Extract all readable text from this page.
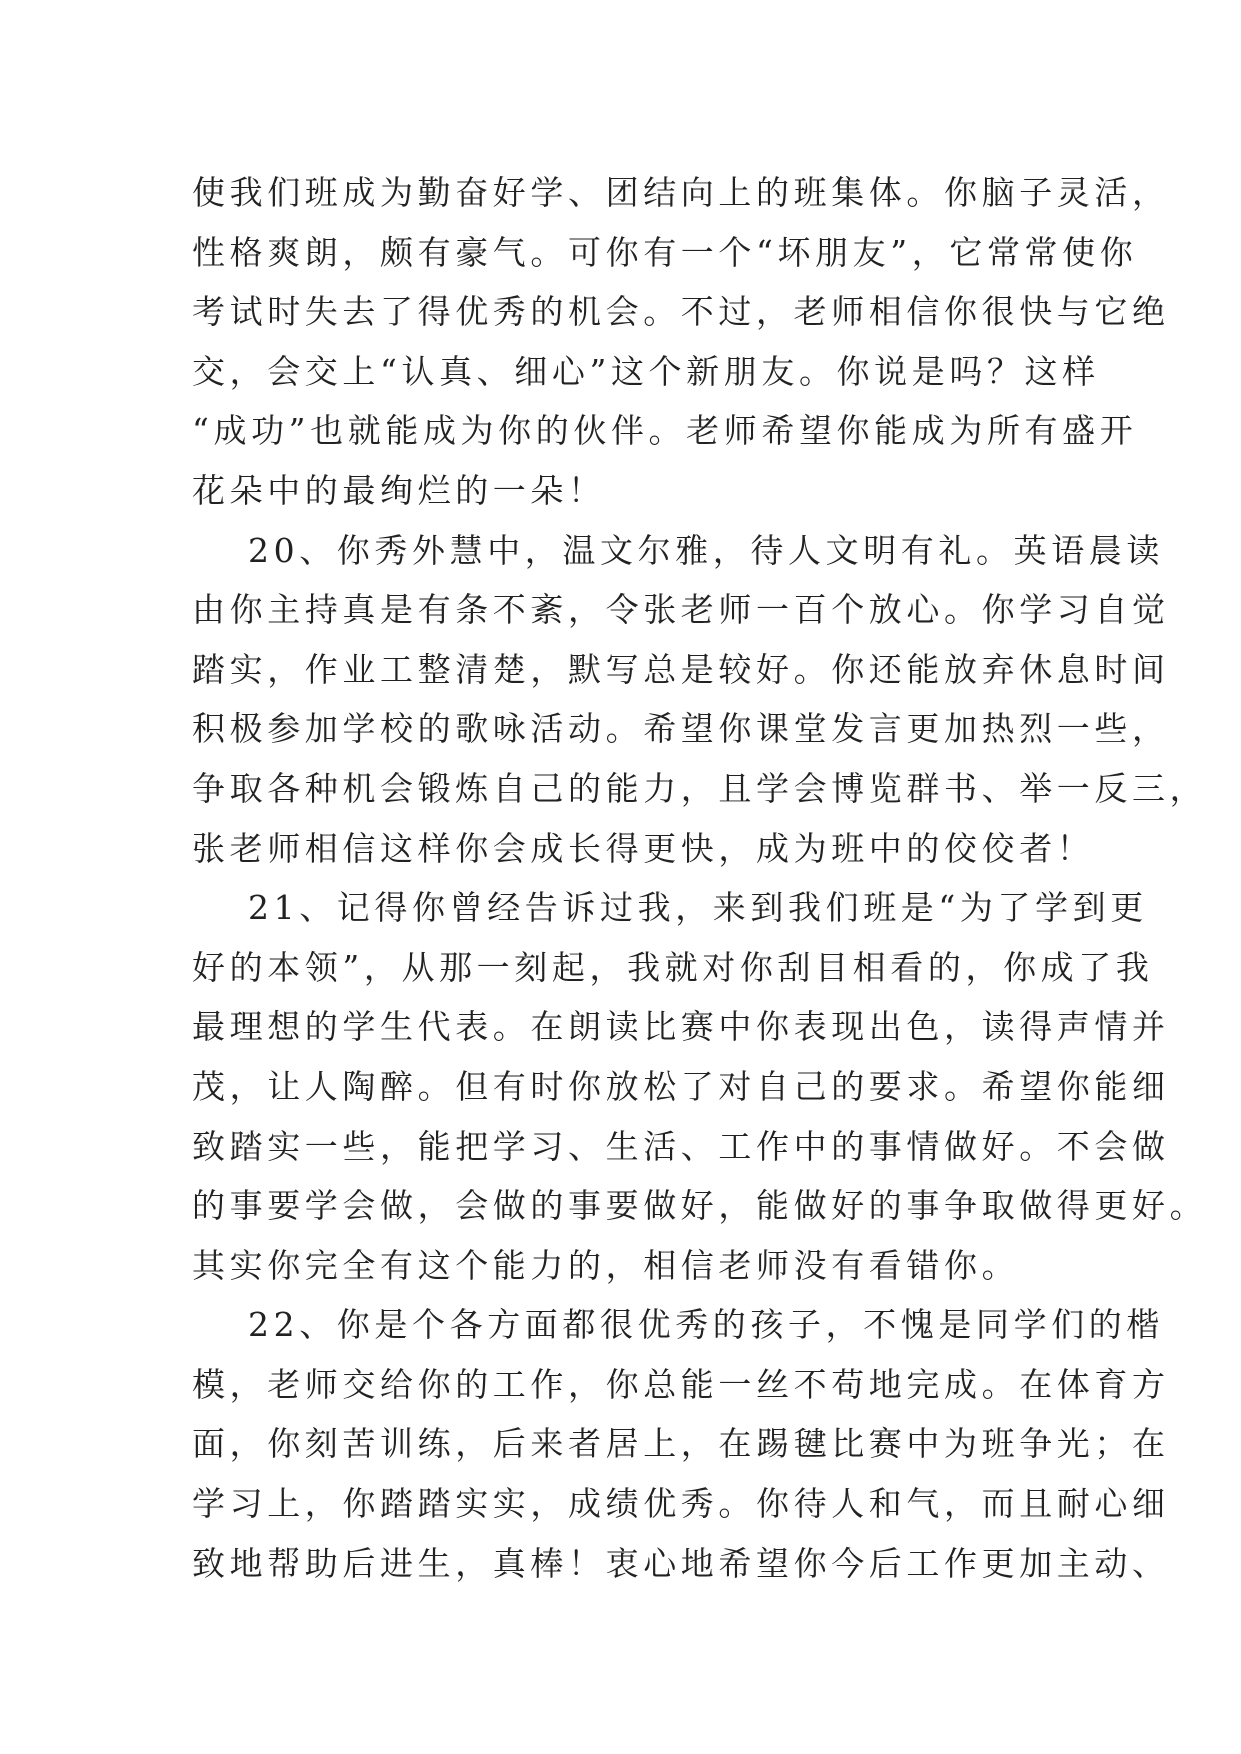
使我们班成为勤奋好学、团结向上的班集体。你脑子灵活，
性格爽朗，颇有豪气。可你有一个“坏朋友”，它常常使你
考试时失去了得优秀的机会。不过，老师相信你很快与它绝
交，会交上“认真、细心”这个新朋友。你说是吗？这样
“成功”也就能成为你的伙伴。老师希望你能成为所有盛开
花朵中的最绚烂的一朵！

20、你秀外慧中，温文尔雅，待人文明有礼。英语晨读
由你主持真是有条不紊，令张老师一百个放心。你学习自觉
踏实，作业工整清楚，默写总是较好。你还能放弃休息时间
积极参加学校的歌咏活动。希望你课堂发言更加热烈一些，
争取各种机会锻炼自己的能力，且学会博览群书、举一反三，
张老师相信这样你会成长得更快，成为班中的佼佼者！

21、记得你曾经告诉过我，来到我们班是“为了学到更
好的本领”，从那一刻起，我就对你刮目相看的，你成了我
最理想的学生代表。在朗读比赛中你表现出色，读得声情并
茂，让人陶醉。但有时你放松了对自己的要求。希望你能细
致踏实一些，能把学习、生活、工作中的事情做好。不会做
的事要学会做，会做的事要做好，能做好的事争取做得更好。
其实你完全有这个能力的，相信老师没有看错你。

22、你是个各方面都很优秀的孩子，不愧是同学们的楷
模，老师交给你的工作，你总能一丝不苟地完成。在体育方
面，你刻苦训练，后来者居上，在踢毽比赛中为班争光；在
学习上，你踏踏实实，成绩优秀。你待人和气，而且耐心细
致地帮助后进生，真棒！衷心地希望你今后工作更加主动、
